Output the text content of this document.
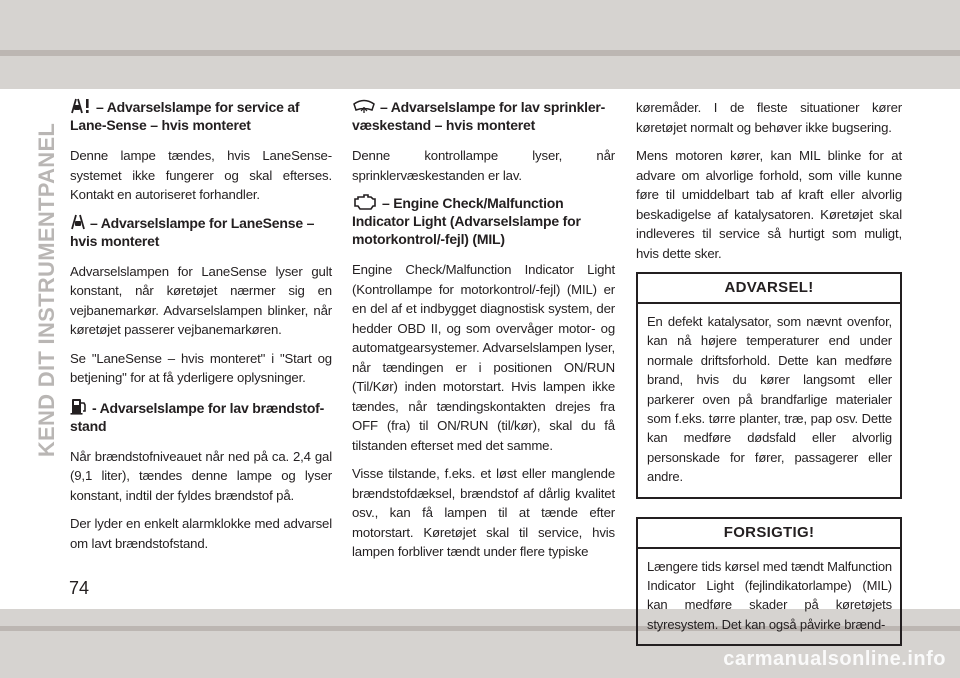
KEND DIT INSTRUMENTPANEL
74
– Advarselslampe for service af Lane-Sense – hvis monteret

Denne lampe tændes, hvis LaneSense-systemet ikke fungerer og skal efterses. Kontakt en autoriseret forhandler.

– Advarselslampe for LaneSense – hvis monteret

Advarselslampen for LaneSense lyser gult konstant, når køretøjet nærmer sig en vejbanemarkør. Advarselslampen blinker, når køretøjet passerer vejbanemarkøren.

Se "LaneSense – hvis monteret" i "Start og betjening" for at få yderligere oplysninger.

- Advarselslampe for lav brændstof-stand

Når brændstofniveauet når ned på ca. 2,4 gal (9,1 liter), tændes denne lampe og lyser konstant, indtil der fyldes brændstof på.

Der lyder en enkelt alarmklokke med advarsel om lavt brændstofstand.

– Advarselslampe for lav sprinkler-væskestand – hvis monteret

Denne kontrollampe lyser, når sprinklervæskestanden er lav.

– Engine Check/Malfunction Indicator Light (Advarselslampe for motorkontrol/-fejl) (MIL)

Engine Check/Malfunction Indicator Light (Kontrollampe for motorkontrol/-fejl) (MIL) er en del af et indbygget diagnostisk system, der hedder OBD II, og som overvåger motor- og automatgearsystemer. Advarselslampen lyser, når tændingen er i positionen ON/RUN (Til/Kør) inden motorstart. Hvis lampen ikke tændes, når tændingskontakten drejes fra OFF (fra) til ON/RUN (til/kør), skal du få tilstanden efterset med det samme.

Visse tilstande, f.eks. et løst eller manglende brændstofdæksel, brændstof af dårlig kvalitet osv., kan få lampen til at tænde efter motorstart. Køretøjet skal til service, hvis lampen forbliver tændt under flere typiske

køremåder. I de fleste situationer kører køretøjet normalt og behøver ikke bugsering.

Mens motoren kører, kan MIL blinke for at advare om alvorlige forhold, som ville kunne føre til umiddelbart tab af kraft eller alvorlig beskadigelse af katalysatoren. Køretøjet skal indleveres til service så hurtigt som muligt, hvis dette sker.

ADVARSEL!

En defekt katalysator, som nævnt ovenfor, kan nå højere temperaturer end under normale driftsforhold. Dette kan medføre brand, hvis du kører langsomt eller parkerer oven på brandfarlige materialer som f.eks. tørre planter, træ, pap osv. Dette kan medføre dødsfald eller alvorlig personskade for fører, passagerer eller andre.

FORSIGTIG!

Længere tids kørsel med tændt Malfunction Indicator Light (fejlindikatorlampe) (MIL) kan medføre skader på køretøjets styresystem. Det kan også påvirke brænd-

carmanualsonline.info
